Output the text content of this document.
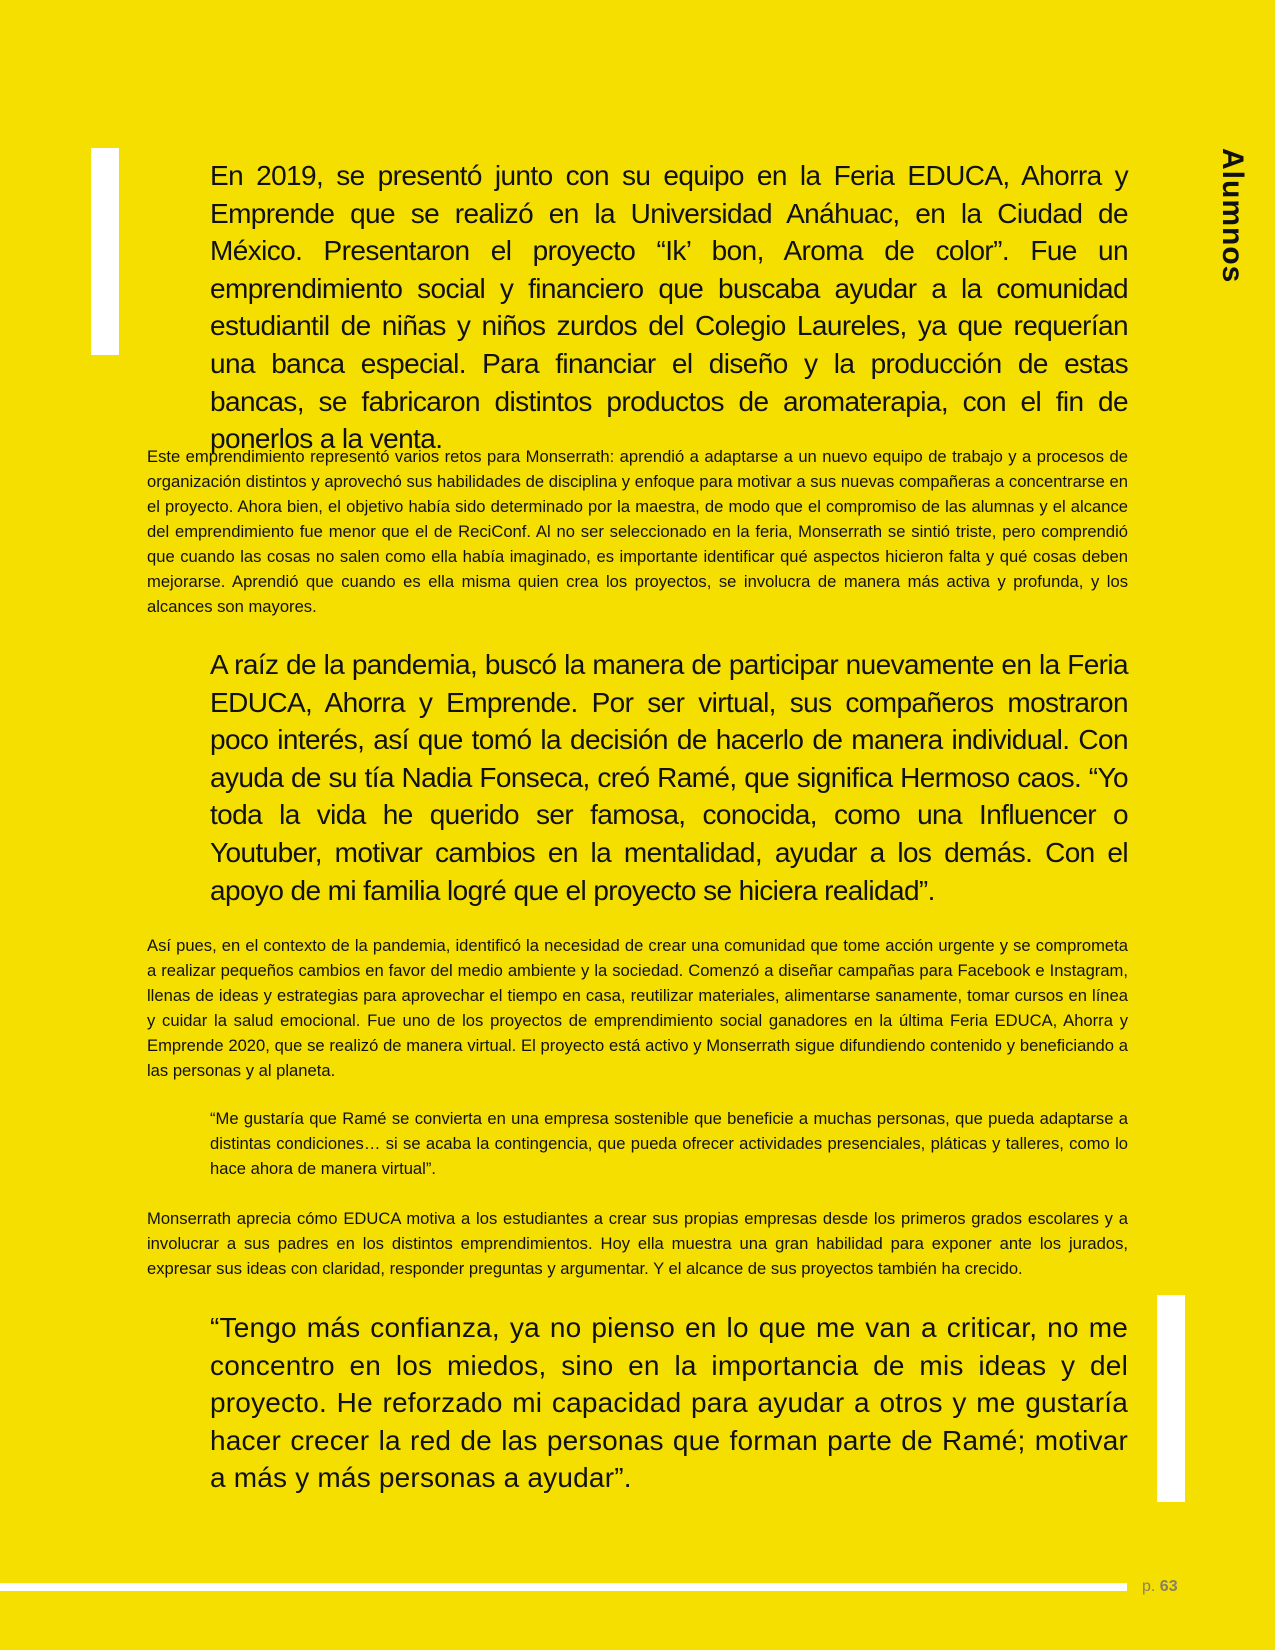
Alumnos

En 2019, se presentó junto con su equipo en la Feria EDUCA, Ahorra y Emprende que se realizó en la Universidad Anáhuac, en la Ciudad de México. Presentaron el proyecto “Ik’ bon, Aroma de color”. Fue un emprendimiento social y financiero que buscaba ayudar a la comunidad estudiantil de niñas y niños zurdos del Colegio Laureles, ya que requerían una banca especial. Para financiar el diseño y la producción de estas bancas, se fabricaron distintos productos de aromaterapia, con el fin de ponerlos a la venta.

Este emprendimiento representó varios retos para Monserrath: aprendió a adaptarse a un nuevo equipo de trabajo y a procesos de organización distintos y aprovechó sus habilidades de disciplina y enfoque para motivar a sus nuevas compañeras a concentrarse en el proyecto. Ahora bien, el objetivo había sido determinado por la maestra, de modo que el compromiso de las alumnas y el alcance del emprendimiento fue menor que el de ReciConf. Al no ser seleccionado en la feria, Monserrath se sintió triste, pero comprendió que cuando las cosas no salen como ella había imaginado, es importante identificar qué aspectos hicieron falta y qué cosas deben mejorarse. Aprendió que cuando es ella misma quien crea los proyectos, se involucra de manera más activa y profunda, y los alcances son mayores.

A raíz de la pandemia, buscó la manera de participar nuevamente en la Feria EDUCA, Ahorra y Emprende. Por ser virtual, sus compañeros mostraron poco interés, así que tomó la decisión de hacerlo de manera individual. Con ayuda de su tía Nadia Fonseca, creó Ramé, que significa Hermoso caos. “Yo toda la vida he querido ser famosa, conocida, como una Influencer o Youtuber, motivar cambios en la mentalidad, ayudar a los demás. Con el apoyo de mi familia logré que el proyecto se hiciera realidad”.

Así pues, en el contexto de la pandemia, identificó la necesidad de crear una comunidad que tome acción urgente y se comprometa a realizar pequeños cambios en favor del medio ambiente y la sociedad. Comenzó a diseñar campañas para Facebook e Instagram, llenas de ideas y estrategias para aprovechar el tiempo en casa, reutilizar materiales, alimentarse sanamente, tomar cursos en línea y cuidar la salud emocional. Fue uno de los proyectos de emprendimiento social ganadores en la última Feria EDUCA, Ahorra y Emprende 2020, que se realizó de manera virtual. El proyecto está activo y Monserrath sigue difundiendo contenido y beneficiando a las personas y al planeta.

“Me gustaría que Ramé se convierta en una empresa sostenible que beneficie a muchas personas, que pueda adaptarse a distintas condiciones… si se acaba la contingencia, que pueda ofrecer actividades presenciales, pláticas y talleres, como lo hace ahora de manera virtual”.

Monserrath aprecia cómo EDUCA motiva a los estudiantes a crear sus propias empresas desde los primeros grados escolares y a involucrar a sus padres en los distintos emprendimientos. Hoy ella muestra una gran habilidad para exponer ante los jurados, expresar sus ideas con claridad, responder preguntas y argumentar. Y el alcance de sus proyectos también ha crecido.

“Tengo más confianza, ya no pienso en lo que me van a criticar, no me concentro en los miedos, sino en la importancia de mis ideas y del proyecto. He reforzado mi capacidad para ayudar a otros y me gustaría hacer crecer la red de las personas que forman parte de Ramé; motivar a más y más personas a ayudar”.

p. 63
